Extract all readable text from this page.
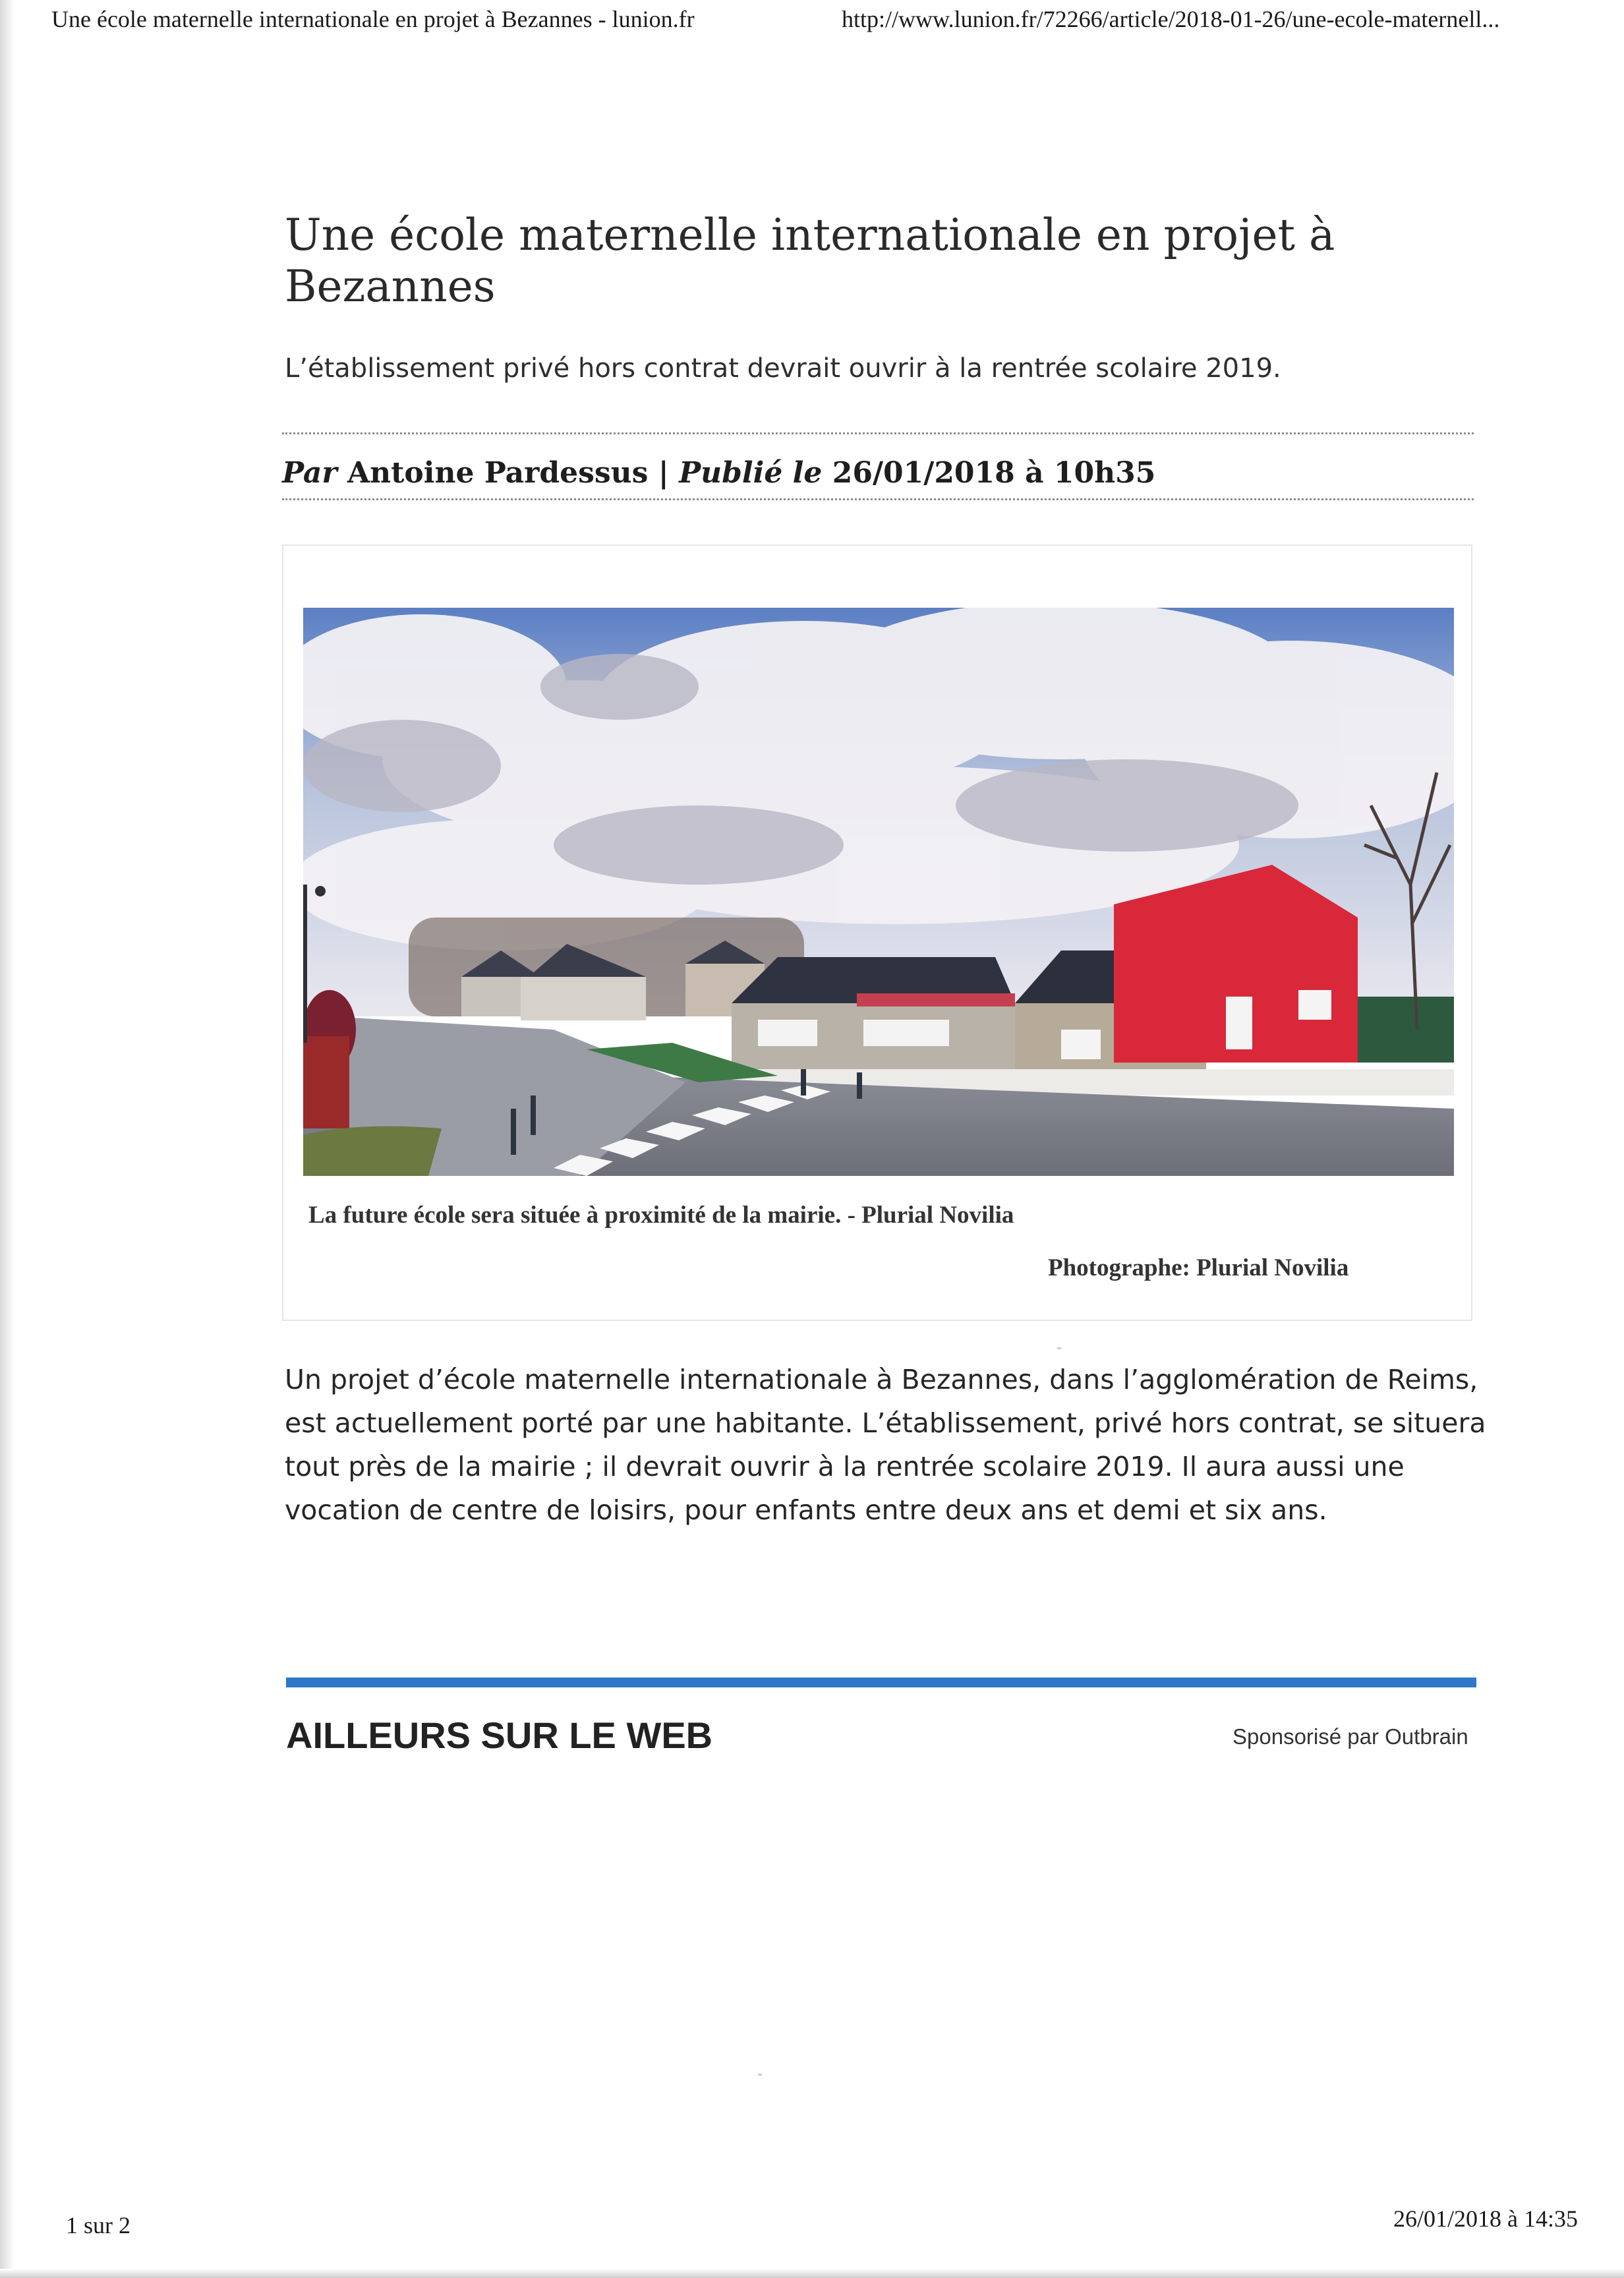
Une école maternelle internationale en projet à Bezannes - lunion.fr	http://www.lunion.fr/72266/article/2018-01-26/une-ecole-maternell...
Une école maternelle internationale en projet à Bezannes
L’établissement privé hors contrat devrait ouvrir à la rentrée scolaire 2019.
Par Antoine Pardessus | Publié le 26/01/2018 à 10h35
La future école sera située à proximité de la mairie. - Plurial Novilia
Photographe: Plurial Novilia

Un projet d’école maternelle internationale à Bezannes, dans l’agglomération de Reims, est actuellement porté par une habitante. L’établissement, privé hors contrat, se situera tout près de la mairie ; il devrait ouvrir à la rentrée scolaire 2019. Il aura aussi une vocation de centre de loisirs, pour enfants entre deux ans et demi et six ans.

AILLEURS SUR LE WEB	Sponsorisé par Outbrain
1 sur 2	26/01/2018 à 14:35
